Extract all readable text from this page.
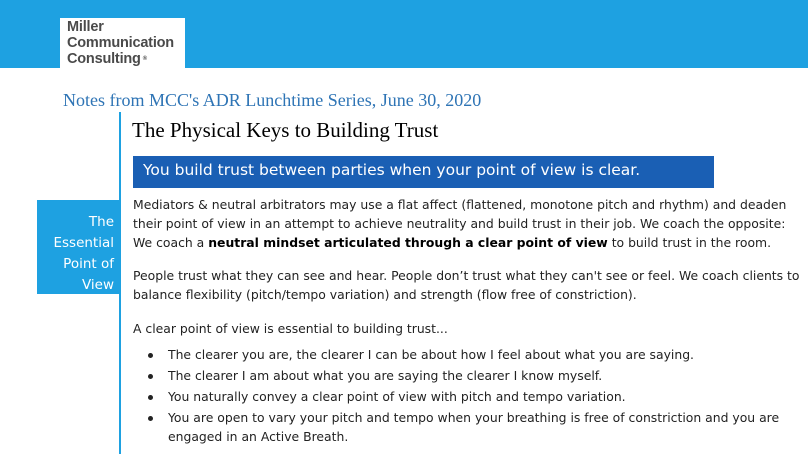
Miller
Communication
Consulting ®
Notes from MCC's ADR Lunchtime Series, June 30, 2020
The Physical Keys to Building Trust
You build trust between parties when your point of view is clear.
The Essential Point of View
Mediators & neutral arbitrators may use a flat affect (flattened, monotone pitch and rhythm) and deaden their point of view in an attempt to achieve neutrality and build trust in their job. We coach the opposite: We coach a neutral mindset articulated through a clear point of view to build trust in the room.
People trust what they can see and hear. People don’t trust what they can't see or feel. We coach clients to balance flexibility (pitch/tempo variation) and strength (flow free of constriction).
A clear point of view is essential to building trust...
The clearer you are, the clearer I can be about how I feel about what you are saying.
The clearer I am about what you are saying the clearer I know myself.
You naturally convey a clear point of view with pitch and tempo variation.
You are open to vary your pitch and tempo when your breathing is free of constriction and you are engaged in an Active Breath.
